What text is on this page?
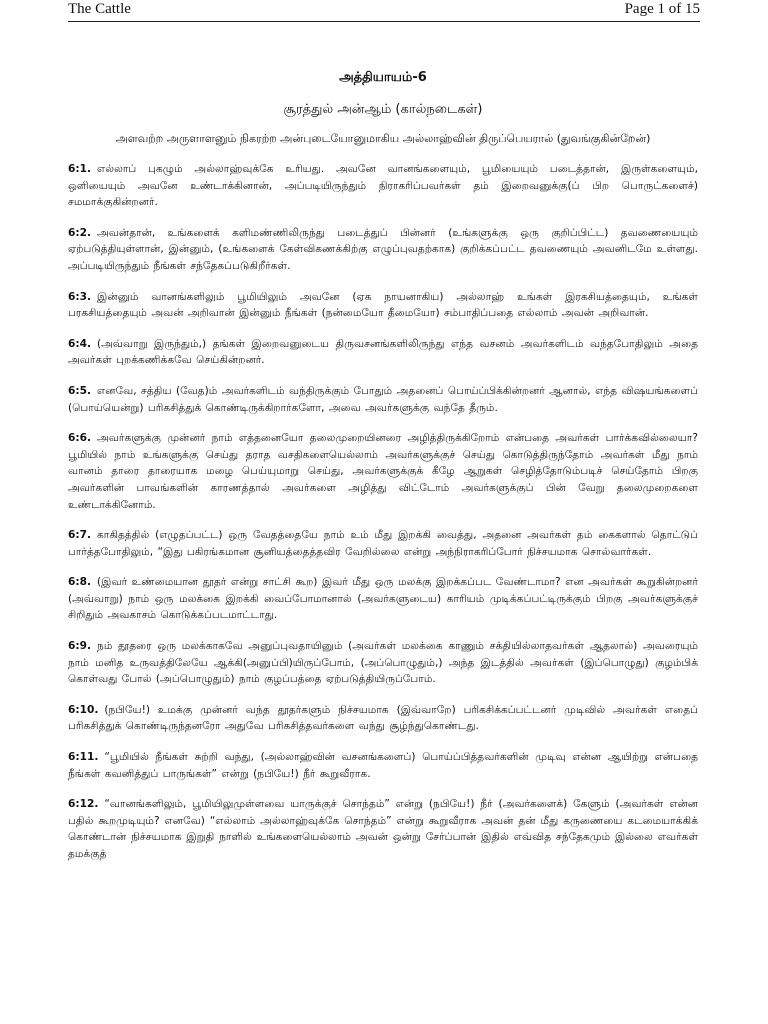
The Cattle	Page 1 of 15
அத்தியாயம்-6
சூரத்துல் அன்ஆம் (கால்நடைகள்)
அளவற்ற அருளாளனும் நிகரற்ற அன்புடையோனுமாகிய அல்லாஹ்வின் திருப்பெயரால் (துவங்குகின்றேன்)
6:1. எல்லாப் புகழும் அல்லாஹ்வுக்கே உரியது. அவனே வானங்களையும், பூமியையும் படைத்தான், இருள்களையும், ஒளியையும் அவனே உண்டாக்கினான், அப்படியிருந்தும் நிராகரிப்பவர்கள் தம் இறைவனுக்கு(ப் பிற பொருட்களைச்) சமமாக்குகின்றனர்.
6:2. அவன்தான், உங்களைக் களிமண்ணிலிருந்து படைத்துப் பின்னர் (உங்களுக்கு ஒரு குறிப்பிட்ட) தவணையையும் ஏற்படுத்தியுள்ளான், இன்னும், (உங்களைக் கேள்விகணக்கிற்கு எழுப்புவதற்காக) குறிக்கப்பட்ட தவணையும் அவனிடமே உள்ளது. அப்படியிருந்தும் நீங்கள் சந்தேகப்படுகிறீர்கள்.
6:3. இன்னும் வானங்களிலும் பூமியிலும் அவனே (ஏக நாயனாகிய) அல்லாஹ் உங்கள் இரகசியத்தையும், உங்கள் பரகசியத்தையும் அவன் அறிவான் இன்னும் நீங்கள் (நன்மையோ தீமையோ) சம்பாதிப்பதை எல்லாம் அவன் அறிவான்.
6:4. (அவ்வாறு இருந்தும்,) தங்கள் இறைவனுடைய திருவசனங்களிலிருந்து எந்த வசனம் அவர்களிடம் வந்தபோதிலும் அதை அவர்கள் புறக்கணிக்கவே செய்கின்றனர்.
6:5. எனவே, சத்திய (வேத)ம் அவர்களிடம் வந்திருக்கும் போதும் அதனைப் பொய்ப்பிக்கின்றனர் ஆனால், எந்த விஷயங்களைப் (பொய்யென்று) பரிகசித்துக் கொண்டிருக்கிறார்களோ, அவை அவர்களுக்கு வந்தே தீரும்.
6:6. அவர்களுக்கு முன்னர் நாம் எத்தனையோ தலைமுறையினரை அழித்திருக்கிறோம் என்பதை அவர்கள் பார்க்கவில்லையா? பூமியில் நாம் உங்களுக்கு செய்து தராத வசதிகளையெல்லாம் அவர்களுக்குச் செய்து கொடுத்திருந்தோம் அவர்கள் மீது நாம் வானம் தாரை தாரையாக மழை பெய்யுமாறு செய்து, அவர்களுக்குக் கீழே ஆறுகள் செழித்தோடும்படிச் செய்தோம் பிறகு அவர்களின் பாவங்களின் காரணத்தால் அவர்களை அழித்து விட்டோம் அவர்களுக்குப் பின் வேறு தலைமுறைகளை உண்டாக்கினோம்.
6:7. காகிதத்தில் (எழுதப்பட்ட) ஒரு வேதத்தையே நாம் உம் மீது இறக்கி வைத்து, அதனை அவர்கள் தம் கைகளால் தொட்டுப் பார்த்தபோதிலும், “இது பகிரங்கமான சூனியத்தைத்தவிர வேறில்லை என்று அந்நிராகரிப்போர் நிச்சயமாக சொல்வார்கள்.
6:8. (இவர் உண்மையான தூதர் என்று சாட்சி கூற) இவர் மீது ஒரு மலக்கு இறக்கப்பட வேண்டாமா? என அவர்கள் கூறுகின்றனர் (அவ்வாறு) நாம் ஒரு மலக்கை இறக்கி வைப்போமானால் (அவர்களுடைய) காரியம் முடிக்கப்பட்டிருக்கும் பிறகு அவர்களுக்குச் சிறிதும் அவகாசம் கொடுக்கப்படமாட்டாது.
6:9. நம் தூதரை ஒரு மலக்காகவே அனுப்புவதாயினும் (அவர்கள் மலக்கை காணும் சக்தியில்லாதவர்கள் ஆதலால்) அவரையும் நாம் மனித உருவத்திலேயே ஆக்கி(அனுப்பி)யிருப்போம், (அப்பொழுதும்,) அந்த இடத்தில் அவர்கள் (இப்பொழுது) குழம்பிக் கொள்வது போல் (அப்பொழுதும்) நாம் குழப்பத்தை ஏற்படுத்தியிருப்போம்.
6:10. (நபியே!) உமக்கு முன்னர் வந்த தூதர்களும் நிச்சயமாக (இவ்வாறே) பரிகசிக்கப்பட்டனர் முடிவில் அவர்கள் எதைப் பரிகசித்துக் கொண்டிருந்தனரோ அதுவே பரிகசித்தவர்களை வந்து சூழ்ந்துகொண்டது.
6:11. “பூமியில் நீங்கள் சுற்றி வந்து, (அல்லாஹ்வின் வசனங்களைப்) பொய்ப்பித்தவர்களின் முடிவு என்ன ஆயிற்று என்பதை நீங்கள் கவனித்துப் பாருங்கள்” என்று (நபியே!) நீர் கூறுவீராக.
6:12. “வானங்களிலும், பூமியிலுமுள்ளவை யாருக்குச் சொந்தம்” என்று (நபியே!) நீர் (அவர்களைக்) கேளும் (அவர்கள் என்ன பதில் கூறமுடியும்? எனவே) “எல்லாம் அல்லாஹ்வுக்கே சொந்தம்” என்று கூறுவீராக அவன் தன் மீது கருணையை கடமையாக்கிக் கொண்டான் நிச்சயமாக இறுதி நாளில் உங்களையெல்லாம் அவன் ஒன்று சேர்ப்பான் இதில் எவ்வித சந்தேகமும் இல்லை எவர்கள் தமக்குத்
